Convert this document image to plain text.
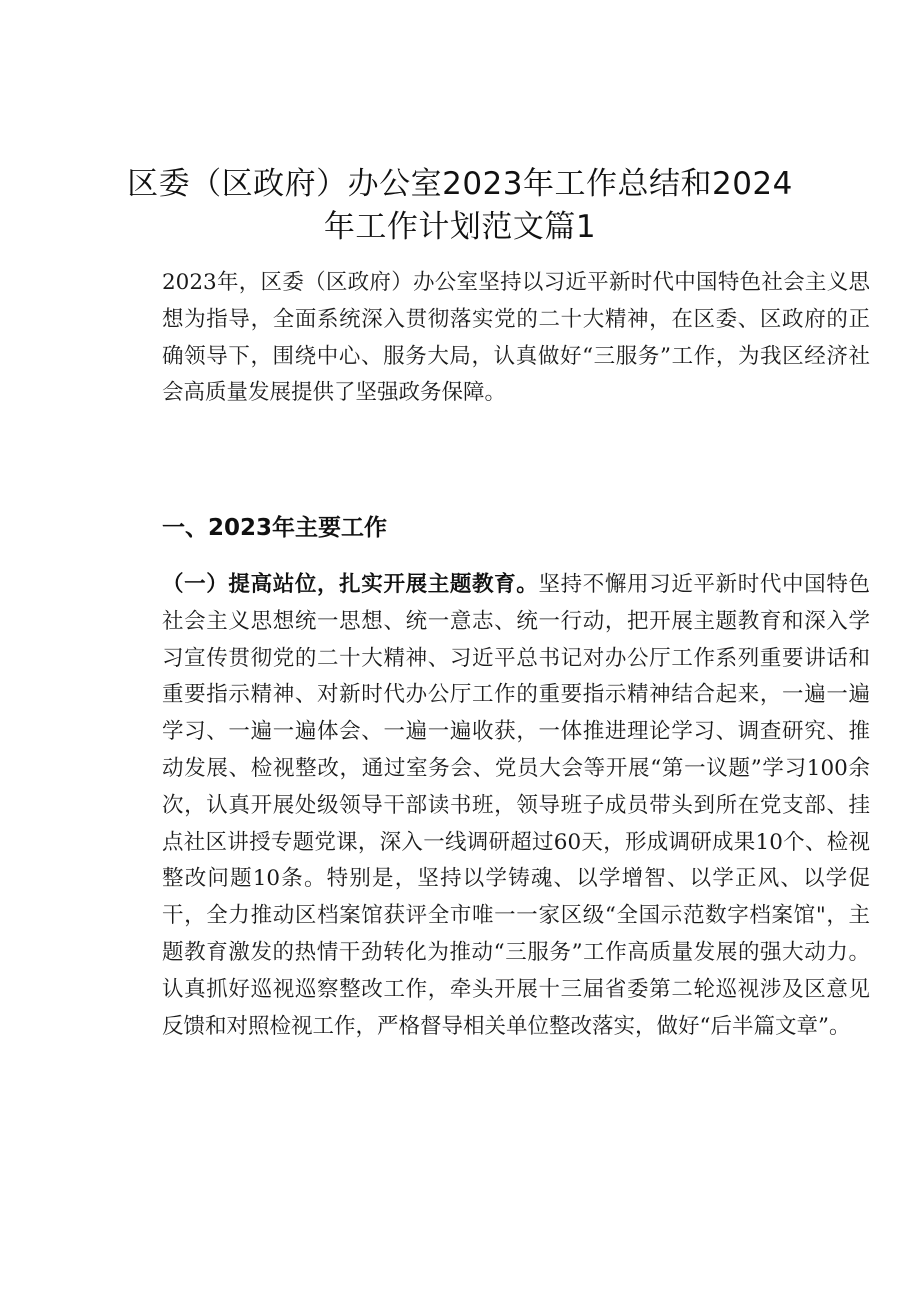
区委（区政府）办公室2023年工作总结和2024
年工作计划范文篇1

2023年，区委（区政府）办公室坚持以习近平新时代中国特色社会主义思想为指导，全面系统深入贯彻落实党的二十大精神，在区委、区政府的正确领导下，围绕中心、服务大局，认真做好“三服务”工作，为我区经济社会高质量发展提供了坚强政务保障。

一、2023年主要工作

（一）提高站位，扎实开展主题教育。坚持不懈用习近平新时代中国特色社会主义思想统一思想、统一意志、统一行动，把开展主题教育和深入学习宣传贯彻党的二十大精神、习近平总书记对办公厅工作系列重要讲话和重要指示精神、对新时代办公厅工作的重要指示精神结合起来，一遍一遍学习、一遍一遍体会、一遍一遍收获，一体推进理论学习、调查研究、推动发展、检视整改，通过室务会、党员大会等开展“第一议题”学习100余次，认真开展处级领导干部读书班，领导班子成员带头到所在党支部、挂点社区讲授专题党课，深入一线调研超过60天，形成调研成果10个、检视整改问题10条。特别是，坚持以学铸魂、以学增智、以学正风、以学促干，全力推动区档案馆获评全市唯一一家区级“全国示范数字档案馆"，主题教育激发的热情干劲转化为推动“三服务”工作高质量发展的强大动力。认真抓好巡视巡察整改工作，牵头开展十三届省委第二轮巡视涉及区意见反馈和对照检视工作，严格督导相关单位整改落实，做好“后半篇文章”。
